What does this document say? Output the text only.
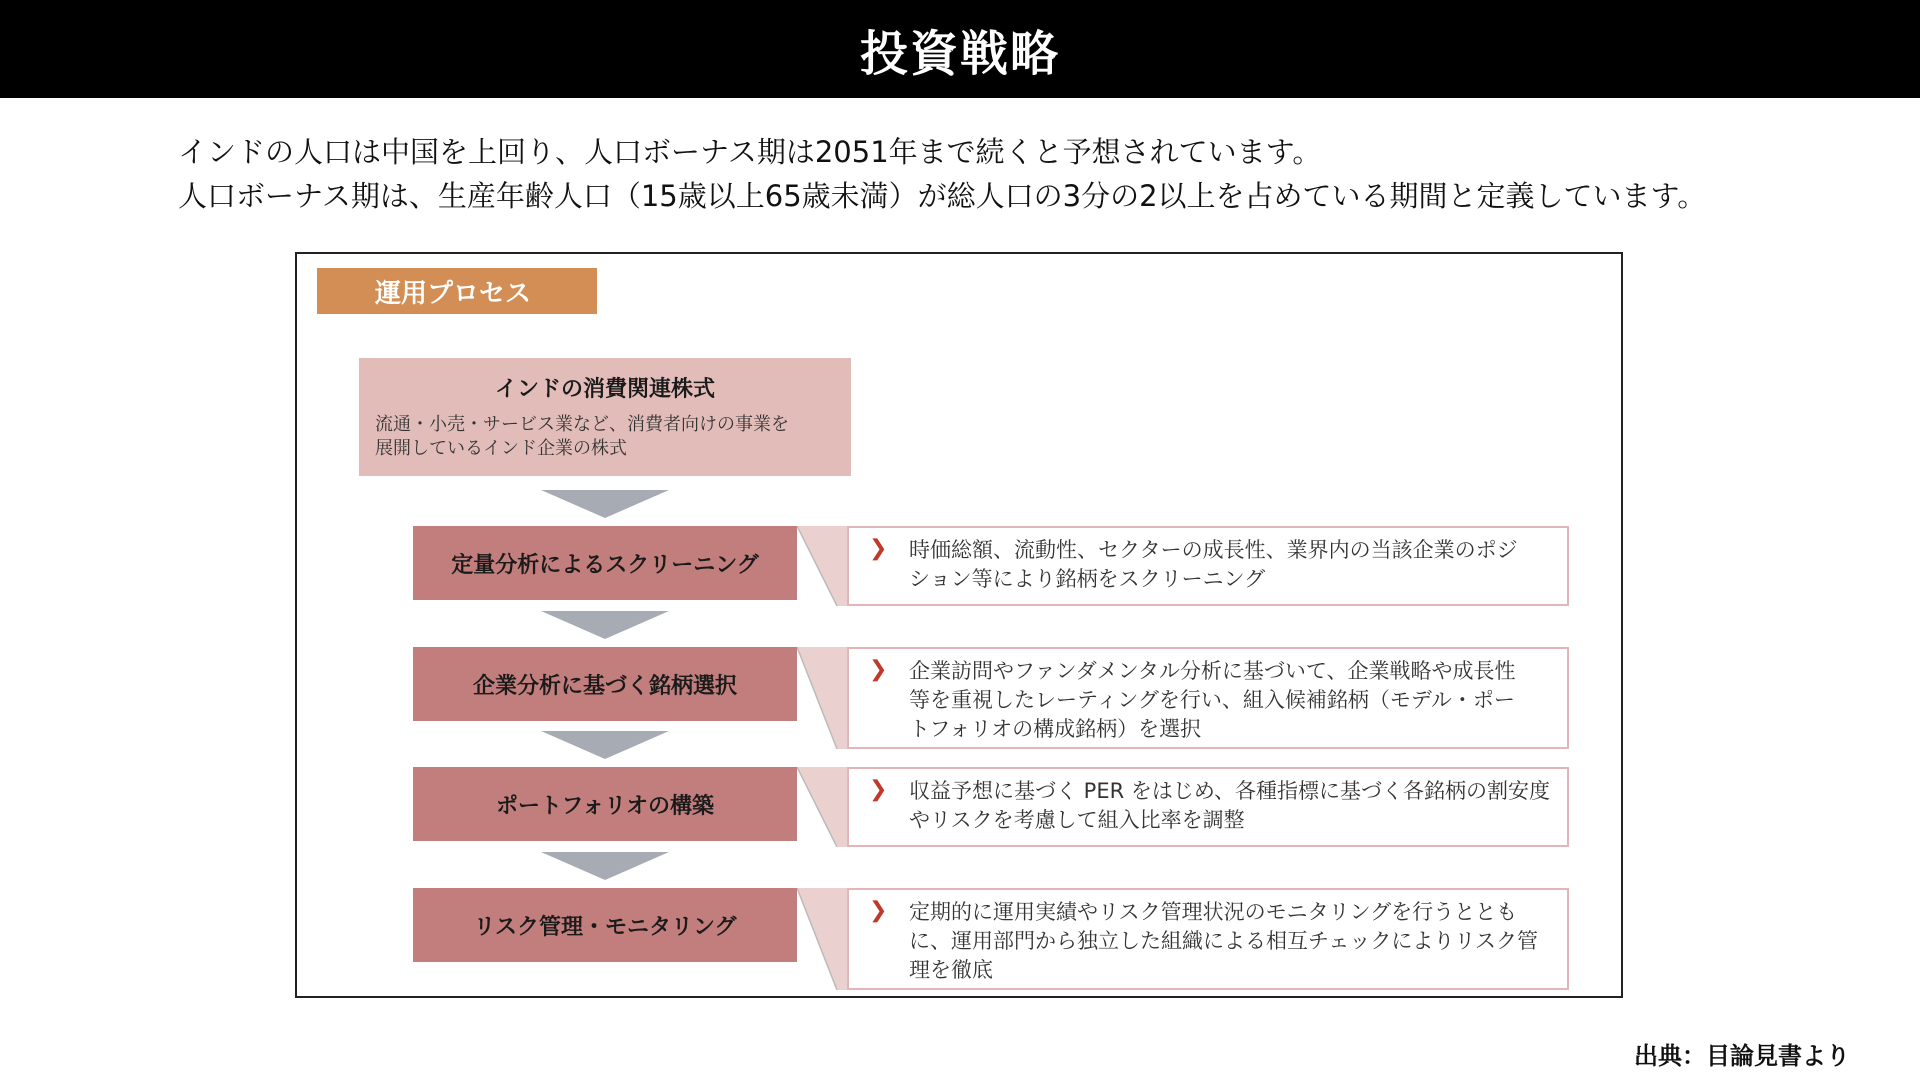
投資戦略

インドの人口は中国を上回り、人口ボーナス期は2051年まで続くと予想されています。

人口ボーナス期は、生産年齢人口（15歳以上65歳未満）が総人口の3分の2以上を占めている期間と定義しています。

運用プロセス
インドの消費関連株式
流通・小売・サービス業など、消費者向けの事業を
展開しているインド企業の株式
定量分析によるスクリーニング
❯ 時価総額、流動性、セクターの成長性、業界内の当該企業のポジ
ション等により銘柄をスクリーニング
企業分析に基づく銘柄選択
❯ 企業訪問やファンダメンタル分析に基づいて、企業戦略や成長性
等を重視したレーティングを行い、組入候補銘柄（モデル・ポー
トフォリオの構成銘柄）を選択
ポートフォリオの構築
❯ 収益予想に基づく PER をはじめ、各種指標に基づく各銘柄の割安度
やリスクを考慮して組入比率を調整
リスク管理・モニタリング
❯ 定期的に運用実績やリスク管理状況のモニタリングを行うととも
に、運用部門から独立した組織による相互チェックによりリスク管
理を徹底
出典：目論見書より
